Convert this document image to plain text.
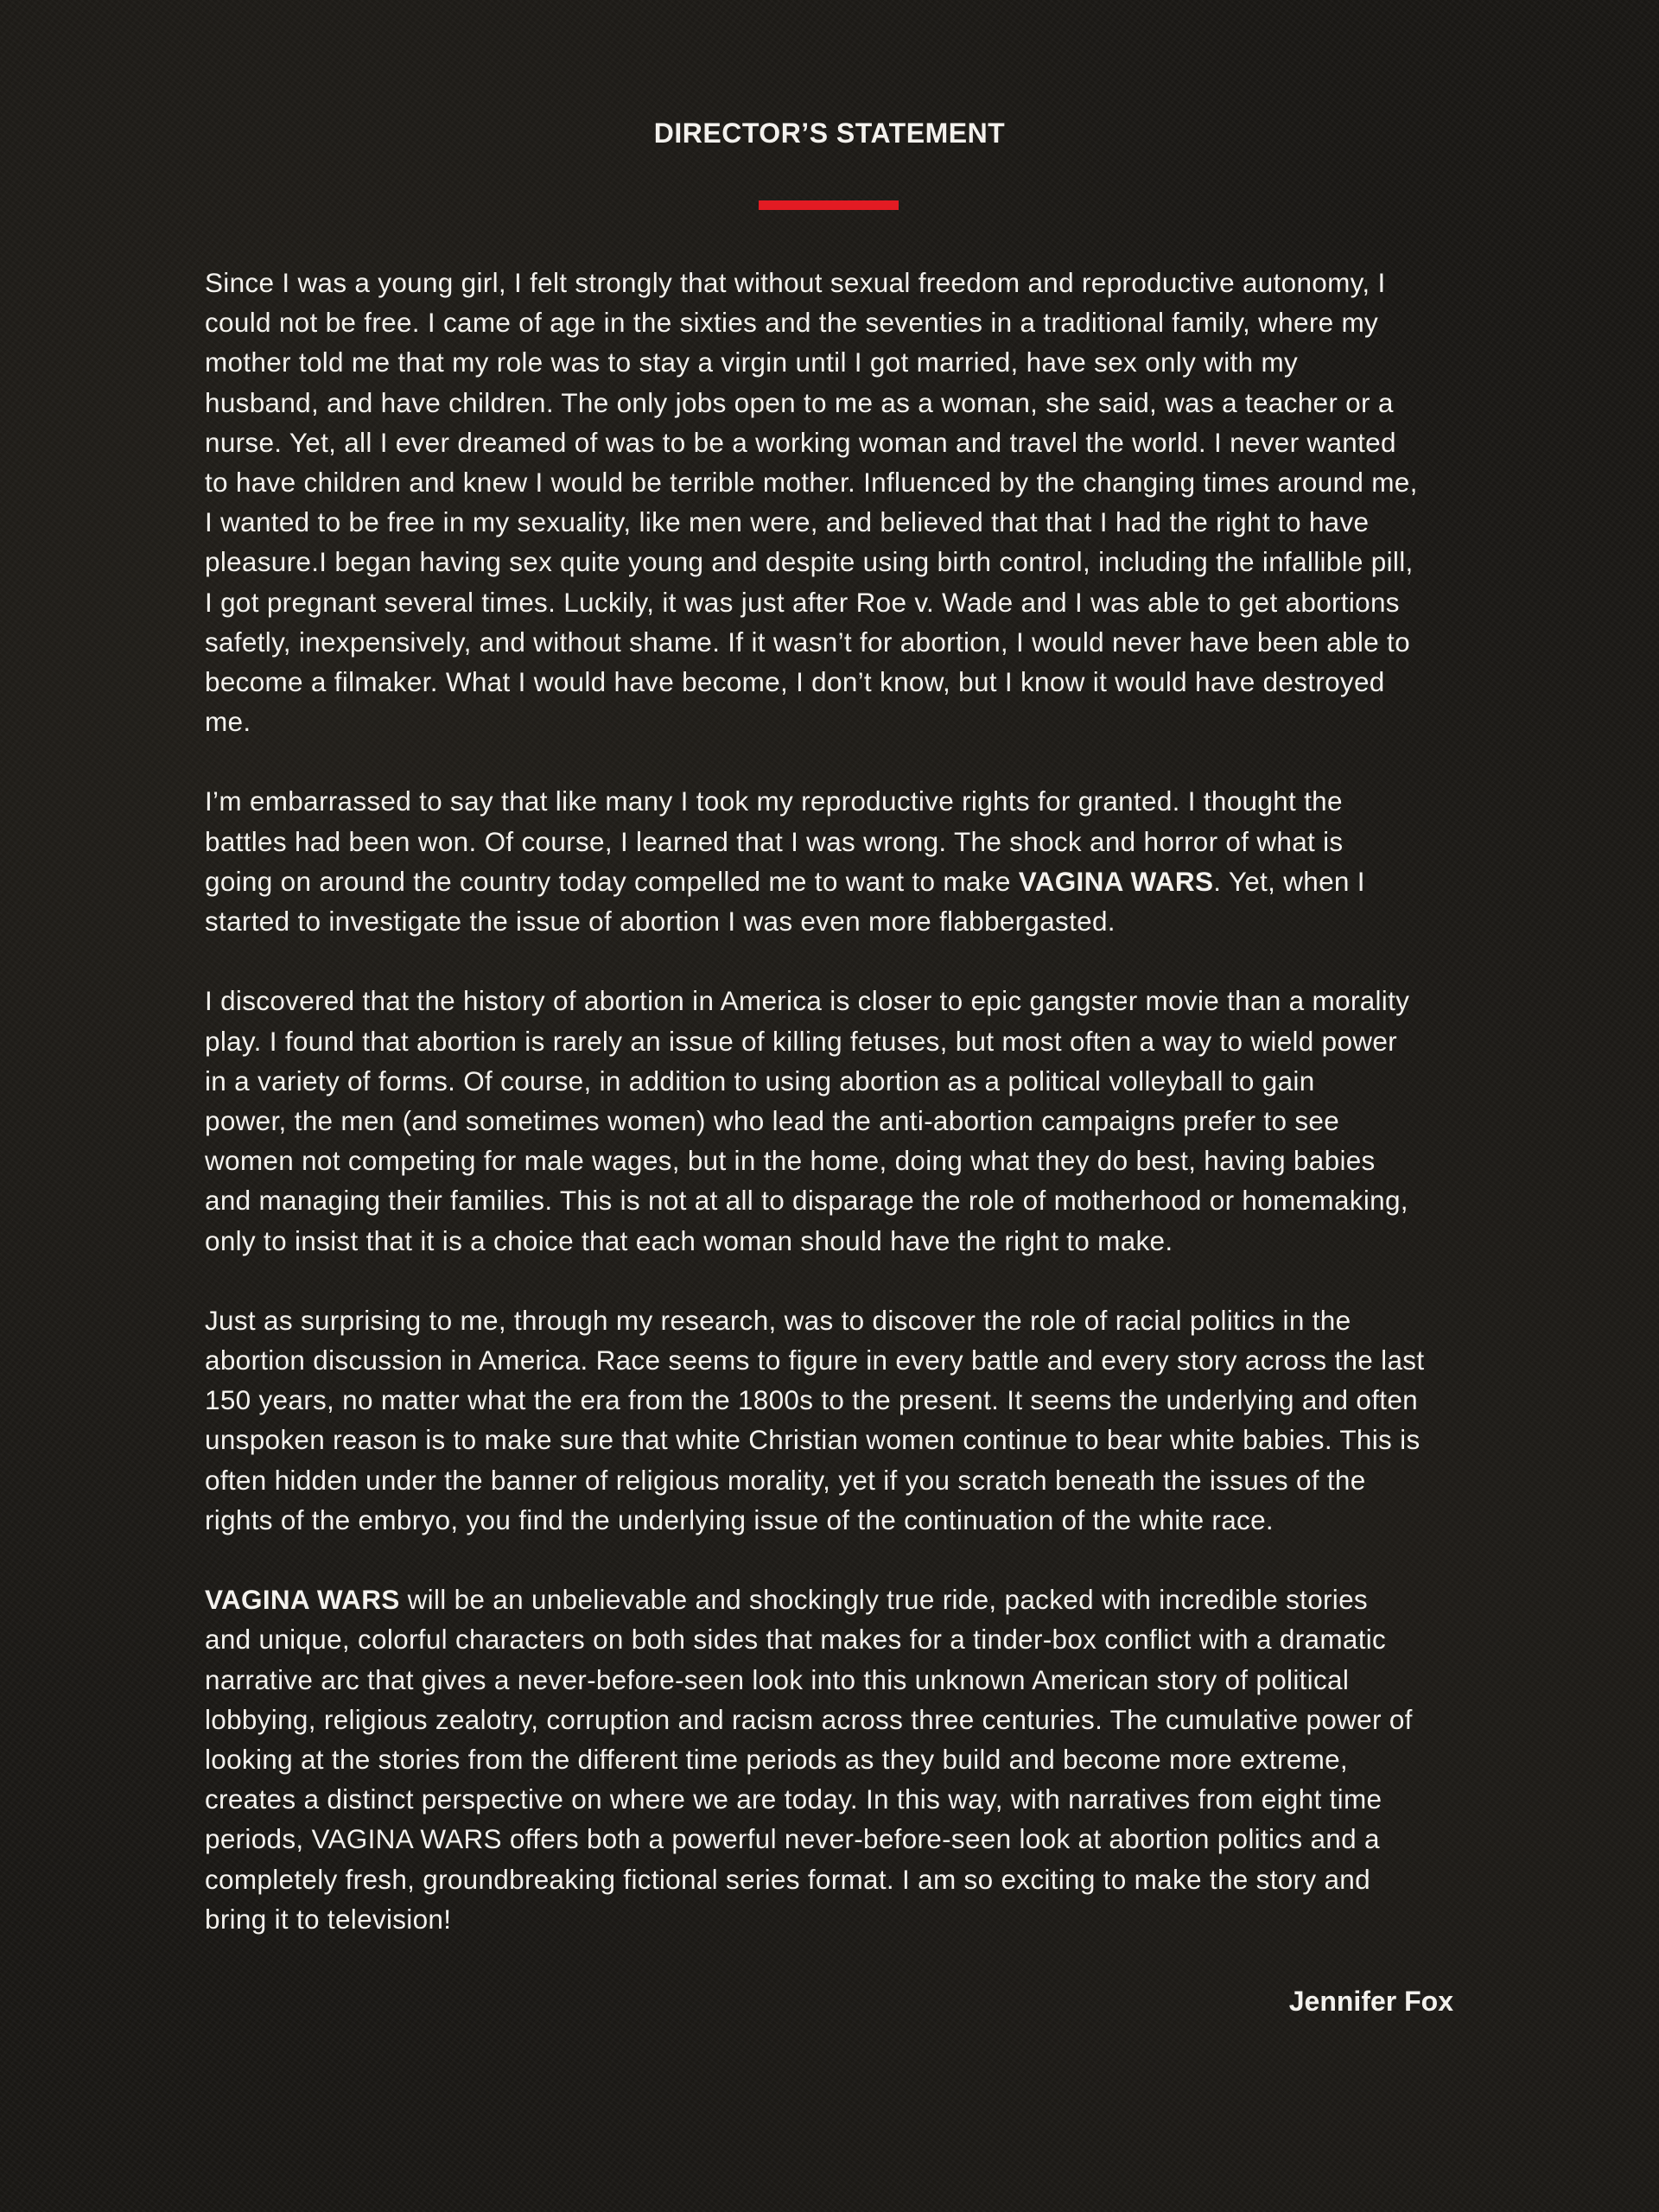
DIRECTOR’S STATEMENT
Since I was a young girl, I felt strongly that without sexual freedom and reproductive autonomy, I
could not be free. I came of age in the sixties and the seventies in a traditional family, where my
mother told me that my role was to stay a virgin until I got married, have sex only with my
husband, and have children. The only jobs open to me as a woman, she said, was a teacher or a
nurse. Yet, all I ever dreamed of was to be a working woman and travel the world. I never wanted
to have children and knew I would be terrible mother. Influenced by the changing times around me,
I wanted to be free in my sexuality, like men were, and believed that that I had the right to have
pleasure.I began having sex quite young and despite using birth control, including the infallible pill,
I got pregnant several times. Luckily, it was just after Roe v. Wade and I was able to get abortions
safetly, inexpensively, and without shame. If it wasn’t for abortion, I would never have been able to
become a filmaker. What I would have become, I don’t know, but I know it would have destroyed
me.
I’m embarrassed to say that like many I took my reproductive rights for granted. I thought the
battles had been won. Of course, I learned that I was wrong. The shock and horror of what is
going on around the country today compelled me to want to make VAGINA WARS. Yet, when I
started to investigate the issue of abortion I was even more flabbergasted.
I discovered that the history of abortion in America is closer to epic gangster movie than a morality
play. I found that abortion is rarely an issue of killing fetuses, but most often a way to wield power
in a variety of forms. Of course, in addition to using abortion as a political volleyball to gain
power, the men (and sometimes women) who lead the anti-abortion campaigns prefer to see
women not competing for male wages, but in the home, doing what they do best, having babies
and managing their families. This is not at all to disparage the role of motherhood or homemaking,
only to insist that it is a choice that each woman should have the right to make.
Just as surprising to me, through my research, was to discover the role of racial politics in the
abortion discussion in America. Race seems to figure in every battle and every story across the last
150 years, no matter what the era from the 1800s to the present. It seems the underlying and often
unspoken reason is to make sure that white Christian women continue to bear white babies. This is
often hidden under the banner of religious morality, yet if you scratch beneath the issues of the
rights of the embryo, you find the underlying issue of the continuation of the white race.
VAGINA WARS will be an unbelievable and shockingly true ride, packed with incredible stories
and unique, colorful characters on both sides that makes for a tinder-box conflict with a dramatic
narrative arc that gives a never-before-seen look into this unknown American story of political
lobbying, religious zealotry, corruption and racism across three centuries. The cumulative power of
looking at the stories from the different time periods as they build and become more extreme,
creates a distinct perspective on where we are today. In this way, with narratives from eight time
periods, VAGINA WARS offers both a powerful never-before-seen look at abortion politics and a
completely fresh, groundbreaking fictional series format. I am so exciting to make the story and
bring it to television!
Jennifer Fox
